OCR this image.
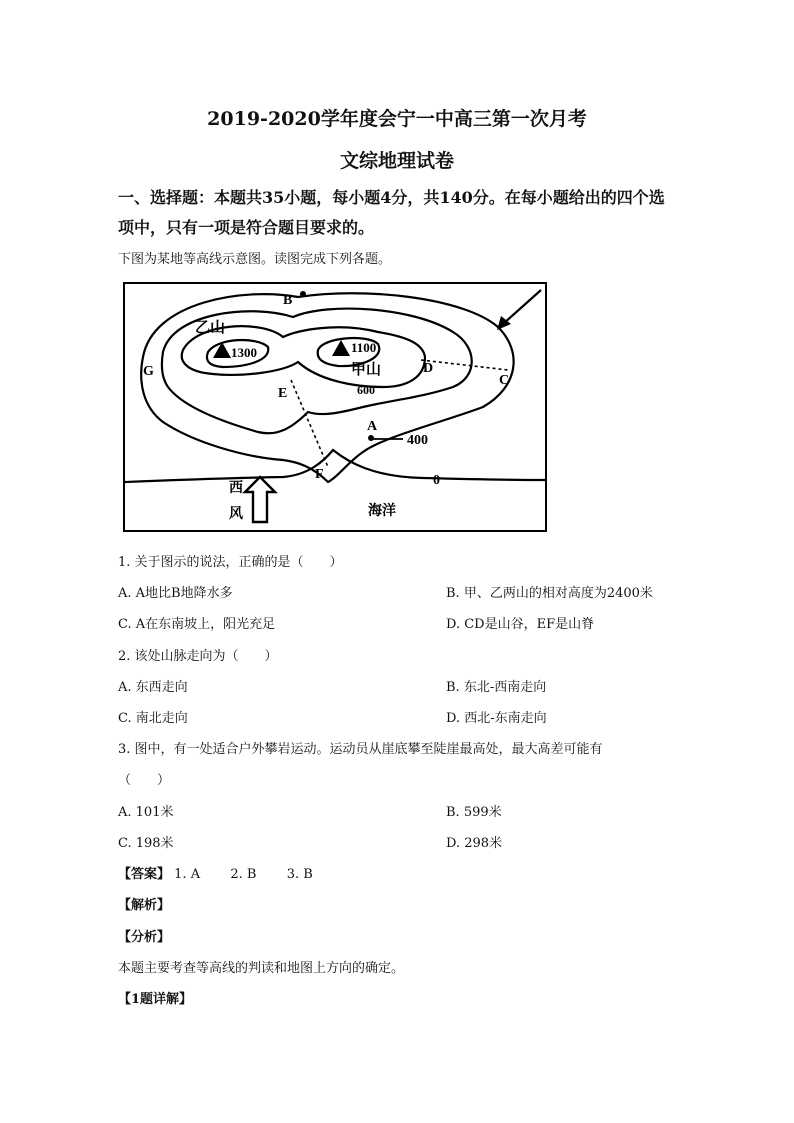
2019-2020学年度会宁一中高三第一次月考
文综地理试卷
一、选择题：本题共35小题，每小题4分，共140分。在每小题给出的四个选
项中，只有一项是符合题目要求的。
下图为某地等高线示意图。读图完成下列各题。
B
G
E
D
C
A
F
乙山
甲山
1300	1100
600
400
0
海洋
西
风
1. 关于图示的说法，正确的是（　　）
A. A地比B地降水多	B. 甲、乙两山的相对高度为2400米
C. A在东南坡上，阳光充足	D. CD是山谷，EF是山脊
2. 该处山脉走向为（　　）
A. 东西走向	B. 东北-西南走向
C. 南北走向	D. 西北-东南走向
3. 图中，有一处适合户外攀岩运动。运动员从崖底攀至陡崖最高处，最大高差可能有
（　　）
A. 101米	B. 599米
C. 198米	D. 298米
【答案】 1. A 2. B 3. B
【解析】
【分析】
本题主要考查等高线的判读和地图上方向的确定。
【1题详解】
